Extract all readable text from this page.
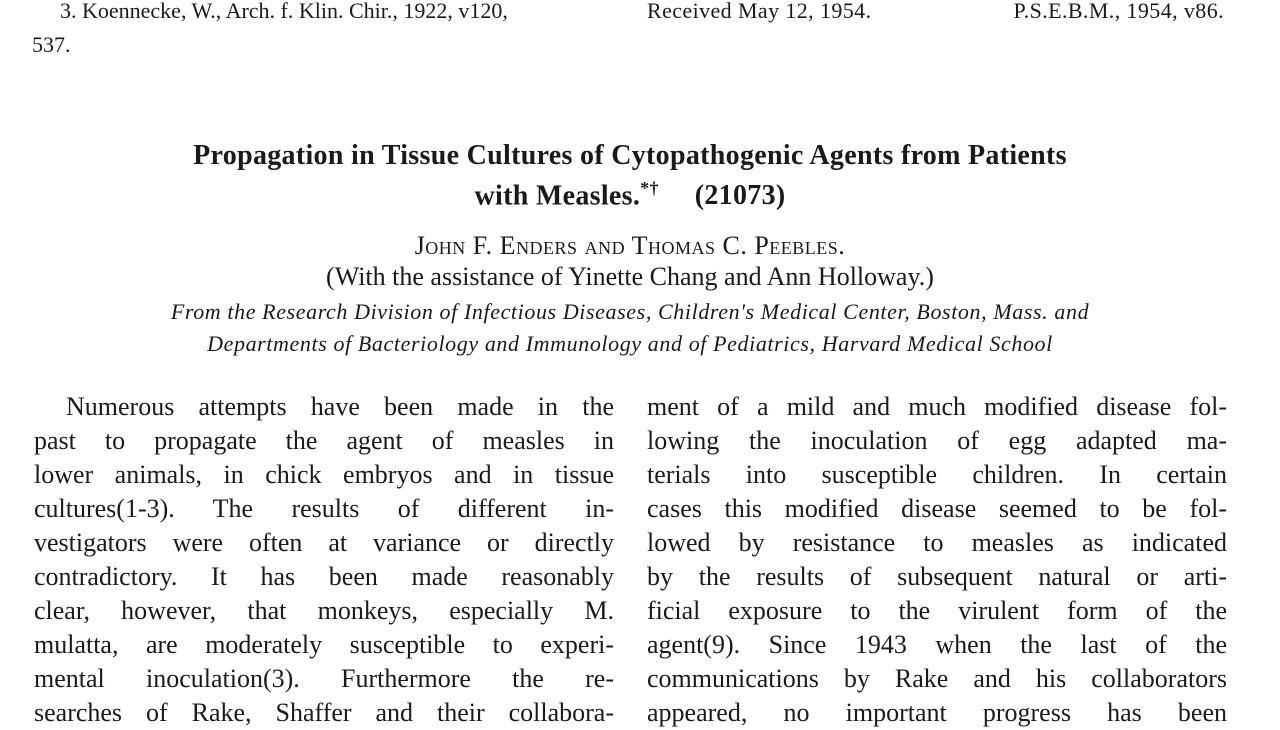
3. Koennecke, W., Arch. f. Klin. Chir., 1922, v120,
537.
Received May 12, 1954.	P.S.E.B.M., 1954, v86.
Propagation in Tissue Cultures of Cytopathogenic Agents from Patients
with Measles.*† (21073)
John F. Enders and Thomas C. Peebles.
(With the assistance of Yinette Chang and Ann Holloway.)
From the Research Division of Infectious Diseases, Children's Medical Center, Boston, Mass. and
Departments of Bacteriology and Immunology and of Pediatrics, Harvard Medical School
Numerous attempts have been made in the
past to propagate the agent of measles in
lower animals, in chick embryos and in tissue
cultures(1-3). The results of different in-
vestigators were often at variance or directly
contradictory. It has been made reasonably
clear, however, that monkeys, especially M.
mulatta, are moderately susceptible to experi-
mental inoculation(3). Furthermore the re-
searches of Rake, Shaffer and their collabora-
ment of a mild and much modified disease fol-
lowing the inoculation of egg adapted ma-
terials into susceptible children. In certain
cases this modified disease seemed to be fol-
lowed by resistance to measles as indicated
by the results of subsequent natural or arti-
ficial exposure to the virulent form of the
agent(9). Since 1943 when the last of the
communications by Rake and his collaborators
appeared, no important progress has been
